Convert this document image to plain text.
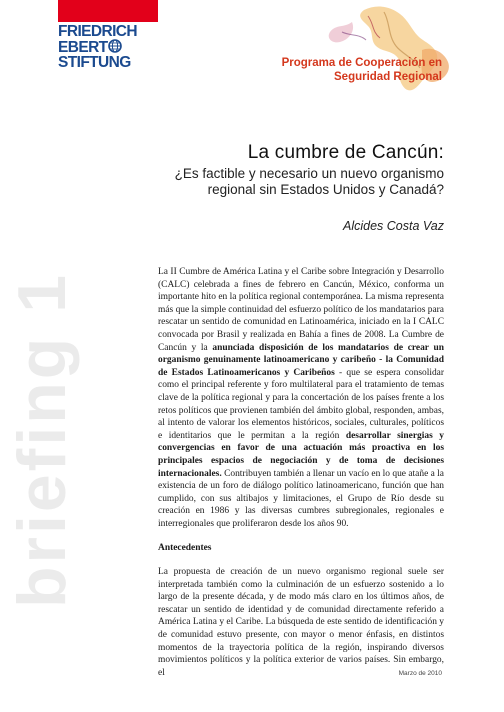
FRIEDRICH
EBERT
STIFTUNG	Programa de Cooperación en
Seguridad Regional
La cumbre de Cancún:
¿Es factible y necesario un nuevo organismo
regional sin Estados Unidos y Canadá?
Alcides Costa Vaz
briefing 1	La II Cumbre de América Latina y el Caribe sobre Integración y Desarrollo (CALC) celebrada a fines de febrero en Cancún, México, conforma un importante hito en la política regional contemporánea. La misma representa más que la simple continuidad del esfuerzo político de los mandatarios para rescatar un sentido de comunidad en Latinoamérica, iniciado en la I CALC convocada por Brasil y realizada en Bahía a fines de 2008. La Cumbre de Cancún y la anunciada disposición de los mandatarios de crear un organismo genuinamente latinoamericano y caribeño - la Comunidad de Estados Latinoamericanos y Caribeños - que se espera consolidar como el principal referente y foro multilateral para el tratamiento de temas clave de la política regional y para la concertación de los países frente a los retos políticos que provienen también del ámbito global, responden, ambas, al intento de valorar los elementos históricos, sociales, culturales, políticos e identitarios que le permitan a la región desarrollar sinergias y convergencias en favor de una actuación más proactiva en los principales espacios de negociación y de toma de decisiones internacionales. Contribuyen también a llenar un vacío en lo que atañe a la existencia de un foro de diálogo político latinoamericano, función que han cumplido, con sus altibajos y limitaciones, el Grupo de Río desde su creación en 1986 y las diversas cumbres subregionales, regionales e interregionales que proliferaron desde los años 90.

Antecedentes

La propuesta de creación de un nuevo organismo regional suele ser interpretada también como la culminación de un esfuerzo sostenido a lo largo de la presente década, y de modo más claro en los últimos años, de rescatar un sentido de identidad y de comunidad directamente referido a América Latina y el Caribe. La búsqueda de este sentido de identificación y de comunidad estuvo presente, con mayor o menor énfasis, en distintos momentos de la trayectoria política de la región, inspirando diversos movimientos políticos y la política exterior de varios países. Sin embargo, el	Marzo de 2010
